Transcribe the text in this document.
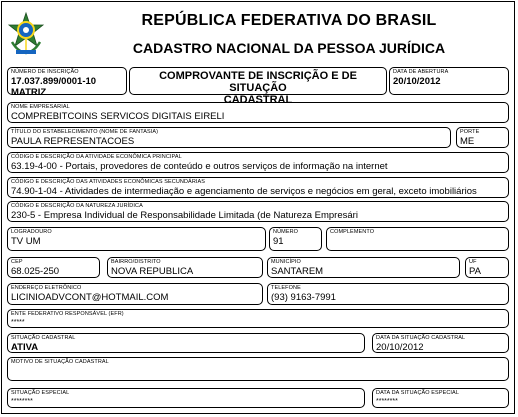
REPÚBLICA FEDERATIVA DO BRASIL
CADASTRO NACIONAL DA PESSOA JURÍDICA
NÚMERO DE INSCRIÇÃO
17.037.899/0001-10
MATRIZ
COMPROVANTE DE INSCRIÇÃO E DE SITUAÇÃO
CADASTRAL
DATA DE ABERTURA
20/10/2012
NOME EMPRESARIAL
COMPREBITCOINS SERVICOS DIGITAIS EIRELI
TÍTULO DO ESTABELECIMENTO (NOME DE FANTASIA)
PAULA REPRESENTACOES
PORTE
ME
CÓDIGO E DESCRIÇÃO DA ATIVIDADE ECONÔMICA PRINCIPAL
63.19-4-00 - Portais, provedores de conteúdo e outros serviços de informação na internet
CÓDIGO E DESCRIÇÃO DAS ATIVIDADES ECONÔMICAS SECUNDÁRIAS
74.90-1-04 - Atividades de intermediação e agenciamento de serviços e negócios em geral, exceto imobiliários
CÓDIGO E DESCRIÇÃO DA NATUREZA JURÍDICA
230-5 - Empresa Individual de Responsabilidade Limitada (de Natureza Empresári
LOGRADOURO
TV UM
NÚMERO
91
COMPLEMENTO
CEP
68.025-250
BAIRRO/DISTRITO
NOVA REPUBLICA
MUNICÍPIO
SANTAREM
UF
PA
ENDEREÇO ELETRÔNICO
LICINIOADVCONT@HOTMAIL.COM
TELEFONE
(93) 9163-7991
ENTE FEDERATIVO RESPONSÁVEL (EFR)
*****
SITUAÇÃO CADASTRAL
ATIVA
DATA DA SITUAÇÃO CADASTRAL
20/10/2012
MOTIVO DE SITUAÇÃO CADASTRAL
SITUAÇÃO ESPECIAL
********
DATA DA SITUAÇÃO ESPECIAL
********
